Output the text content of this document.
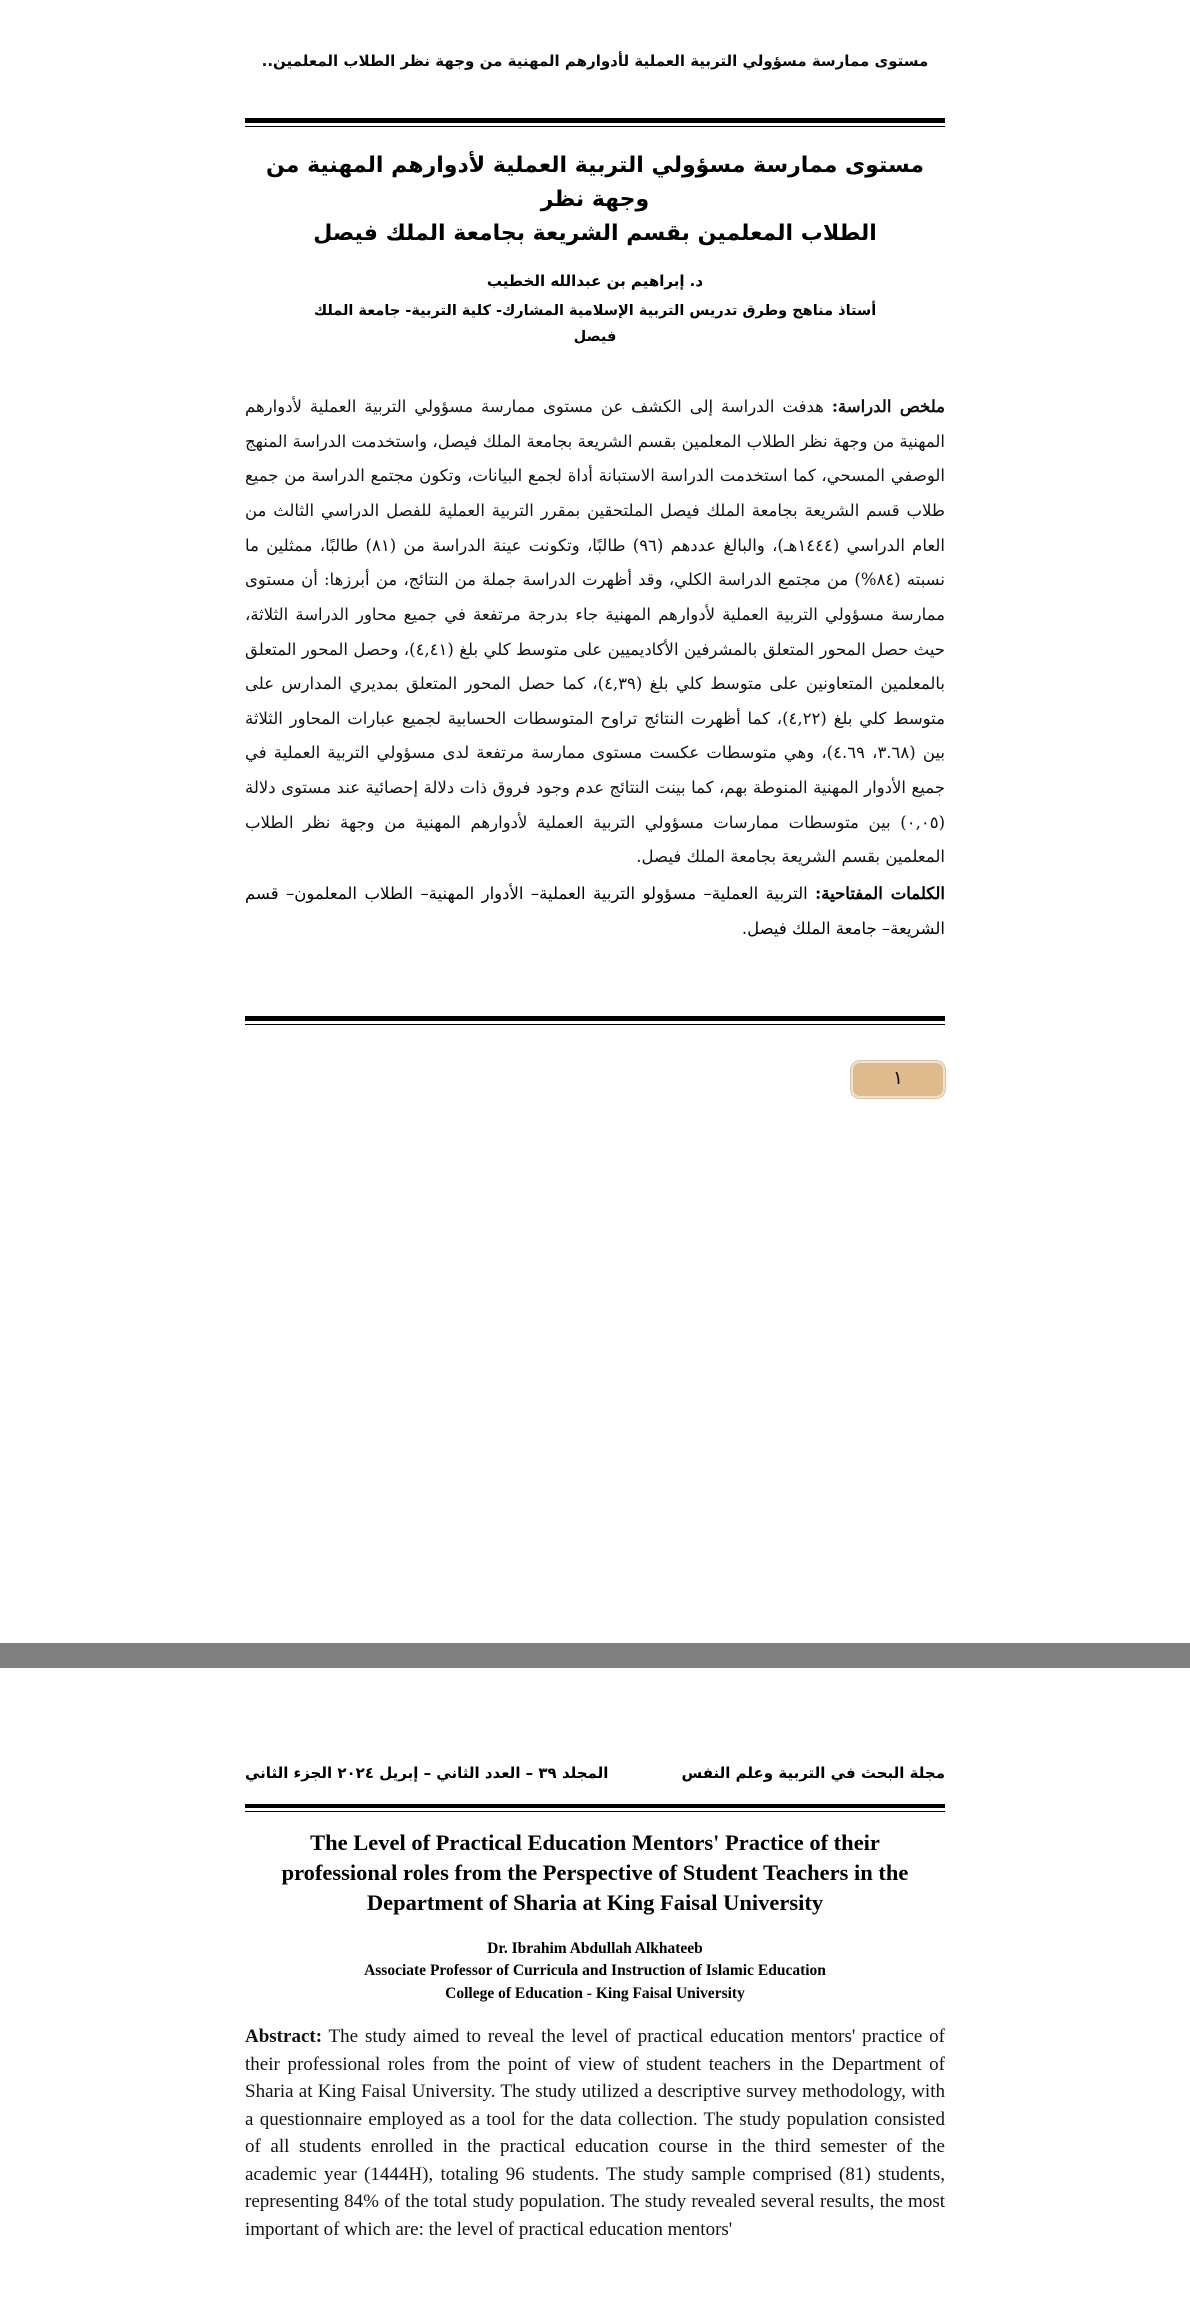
مستوى ممارسة مسؤولي التربية العملية لأدوارهم المهنية من وجهة نظر الطلاب المعلمين..
مستوى ممارسة مسؤولي التربية العملية لأدوارهم المهنية من وجهة نظر
الطلاب المعلمين بقسم الشريعة بجامعة الملك فيصل
د. إبراهيم بن عبدالله الخطيب
أستاذ مناهج وطرق تدريس التربية الإسلامية المشارك- كلية التربية- جامعة الملك فيصل
ملخص الدراسة: هدفت الدراسة إلى الكشف عن مستوى ممارسة مسؤولي التربية العملية لأدوارهم المهنية من وجهة نظر الطلاب المعلمين بقسم الشريعة بجامعة الملك فيصل، واستخدمت الدراسة المنهج الوصفي المسحي، كما استخدمت الدراسة الاستبانة أداة لجمع البيانات، وتكون مجتمع الدراسة من جميع طلاب قسم الشريعة بجامعة الملك فيصل الملتحقين بمقرر التربية العملية للفصل الدراسي الثالث من العام الدراسي (١٤٤٤هـ)، والبالغ عددهم (٩٦) طالبًا، وتكونت عينة الدراسة من (٨١) طالبًا، ممثلين ما نسبته (٨٤%) من مجتمع الدراسة الكلي، وقد أظهرت الدراسة جملة من النتائج، من أبرزها: أن مستوى ممارسة مسؤولي التربية العملية لأدوارهم المهنية جاء بدرجة مرتفعة في جميع محاور الدراسة الثلاثة، حيث حصل المحور المتعلق بالمشرفين الأكاديميين على متوسط كلي بلغ (٤,٤١)، وحصل المحور المتعلق بالمعلمين المتعاونين على متوسط كلي بلغ (٤,٣٩)، كما حصل المحور المتعلق بمديري المدارس على متوسط كلي بلغ (٤,٢٢)، كما أظهرت النتائج تراوح المتوسطات الحسابية لجميع عبارات المحاور الثلاثة بين (٣.٦٨، ٤.٦٩)، وهي متوسطات عكست مستوى ممارسة مرتفعة لدى مسؤولي التربية العملية في جميع الأدوار المهنية المنوطة بهم، كما بينت النتائج عدم وجود فروق ذات دلالة إحصائية عند مستوى دلالة (٠,٠٥) بين متوسطات ممارسات مسؤولي التربية العملية لأدوارهم المهنية من وجهة نظر الطلاب المعلمين بقسم الشريعة بجامعة الملك فيصل.
الكلمات المفتاحية: التربية العملية– مسؤولو التربية العملية– الأدوار المهنية– الطلاب المعلمون– قسم الشريعة– جامعة الملك فيصل.
١
مجلة البحث في التربية وعلم النفس
المجلد ٣٩ – العدد الثاني – إبريل ٢٠٢٤ الجزء الثاني
The Level of Practical Education Mentors' Practice of their
professional roles from the Perspective of Student Teachers in the
Department of Sharia at King Faisal University
Dr. Ibrahim Abdullah Alkhateeb
Associate Professor of Curricula and Instruction of Islamic Education
College of Education - King Faisal University
Abstract: The study aimed to reveal the level of practical education mentors' practice of their professional roles from the point of view of student teachers in the Department of Sharia at King Faisal University. The study utilized a descriptive survey methodology, with a questionnaire employed as a tool for the data collection. The study population consisted of all students enrolled in the practical education course in the third semester of the academic year (1444H), totaling 96 students. The study sample comprised (81) students, representing 84% of the total study population. The study revealed several results, the most important of which are: the level of practical education mentors'
